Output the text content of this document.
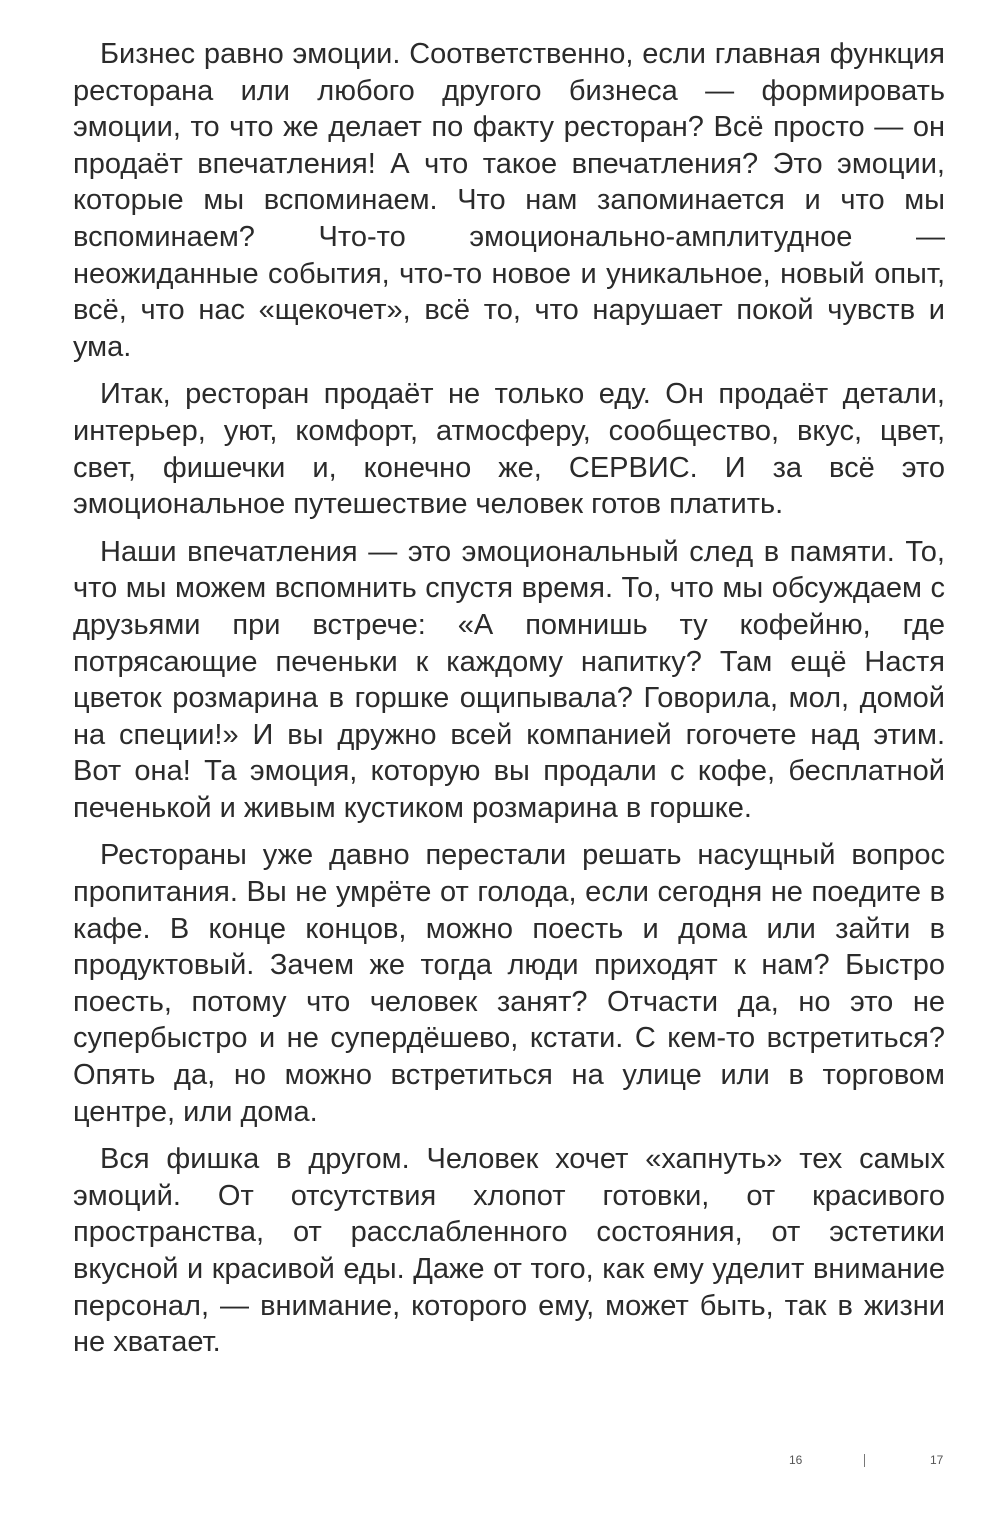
Бизнес равно эмоции. Соответственно, если главная функция ресторана или любого другого бизнеса — формировать эмоции, то что же делает по факту ресторан? Всё просто — он продаёт впечатления! А что такое впечатления? Это эмоции, которые мы вспоминаем. Что нам запоминается и что мы вспоминаем? Что-то эмоционально-амплитудное — неожиданные события, что-то новое и уникальное, новый опыт, всё, что нас «щекочет», всё то, что нарушает покой чувств и ума.

Итак, ресторан продаёт не только еду. Он продаёт детали, интерьер, уют, комфорт, атмосферу, сообщество, вкус, цвет, свет, фишечки и, конечно же, СЕРВИС. И за всё это эмоциональное путешествие человек готов платить.

Наши впечатления — это эмоциональный след в памяти. То, что мы можем вспомнить спустя время. То, что мы обсуждаем с друзьями при встрече: «А помнишь ту кофейню, где потрясающие печеньки к каждому напитку? Там ещё Настя цветок розмарина в горшке ощипывала? Говорила, мол, домой на специи!» И вы дружно всей компанией гогочете над этим. Вот она! Та эмоция, которую вы продали с кофе, бесплатной печенькой и живым кустиком розмарина в горшке.

Рестораны уже давно перестали решать насущный вопрос пропитания. Вы не умрёте от голода, если сегодня не поедите в кафе. В конце концов, можно поесть и дома или зайти в продуктовый. Зачем же тогда люди приходят к нам? Быстро поесть, потому что человек занят? Отчасти да, но это не супербыстро и не супердёшево, кстати. С кем-то встретиться? Опять да, но можно встретиться на улице или в торговом центре, или дома.

Вся фишка в другом. Человек хочет «хапнуть» тех самых эмоций. От отсутствия хлопот готовки, от красивого пространства, от расслабленного состояния, от эстетики вкусной и красивой еды. Даже от того, как ему уделит внимание персонал, — внимание, которого ему, может быть, так в жизни не хватает.

16	17
